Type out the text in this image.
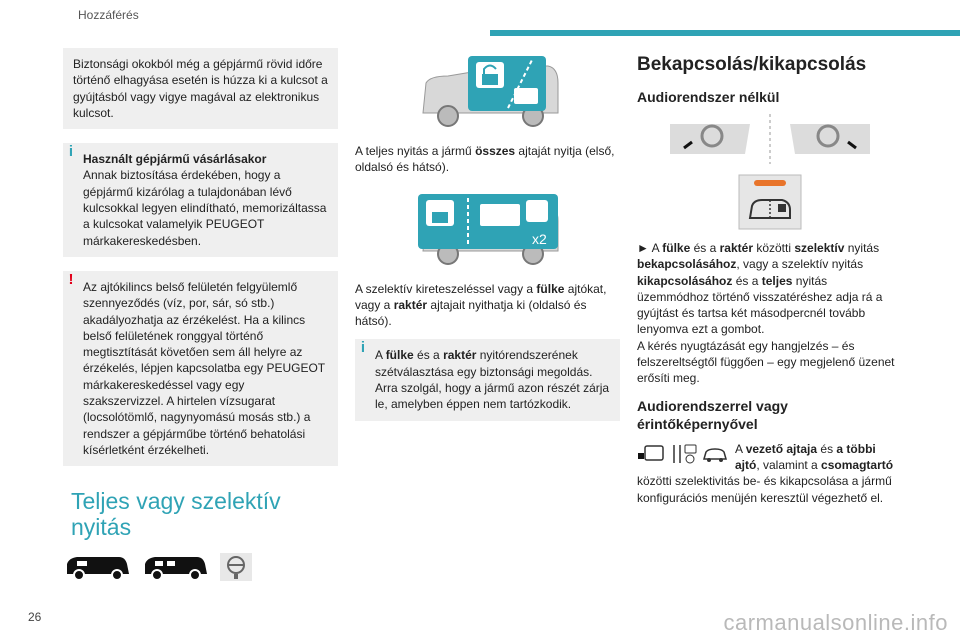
Hozzáférés
Biztonsági okokból még a gépjármű rövid időre történő elhagyása esetén is húzza ki a kulcsot a gyújtásból vagy vigye magával az elektronikus kulcsot.
i Használt gépjármű vásárlásakor
Annak biztosítása érdekében, hogy a gépjármű kizárólag a tulajdonában lévő kulcsokkal legyen elindítható, memorizáltassa a kulcsokat valamelyik PEUGEOT márkakereskedésben.
! Az ajtókilincs belső felületén felgyülemlő szennyeződés (víz, por, sár, só stb.) akadályozhatja az érzékelést. Ha a kilincs belső felületének ronggyal történő megtisztítását követően sem áll helyre az érzékelés, lépjen kapcsolatba egy PEUGEOT márkakereskedéssel vagy egy szakszervizzel. A hirtelen vízsugarat (locsolótömlő, nagynyomású mosás stb.) a rendszer a gépjárműbe történő behatolási kísérletként érzékelheti.
Teljes vagy szelektív nyitás

A teljes nyitás a jármű összes ajtaját nyitja (első, oldalsó és hátsó).

x2

A szelektív kireteszeléssel vagy a fülke ajtókat, vagy a raktér ajtajait nyithatja ki (oldalsó és hátsó).

i A fülke és a raktér nyitórendszerének szétválasztása egy biztonsági megoldás. Arra szolgál, hogy a jármű azon részét zárja le, amelyben éppen nem tartózkodik.
Bekapcsolás/kikapcsolás
Audiorendszer nélkül

► A fülke és a raktér közötti szelektív nyitás bekapcsolásához, vagy a szelektív nyitás kikapcsolásához és a teljes nyitás üzemmódhoz történő visszatéréshez adja rá a gyújtást és tartsa két másodpercnél tovább lenyomva ezt a gombot.
A kérés nyugtázását egy hangjelzés – és felszereltségtől függően – egy megjelenő üzenet erősíti meg.

Audiorendszerrel vagy érintőképernyővel

A vezető ajtaja és a többi ajtó, valamint a csomagtartó közötti szelektivitás be- és kikapcsolása a jármű konfigurációs menüjén keresztül végezhető el.

26	carmanualsonline.info
